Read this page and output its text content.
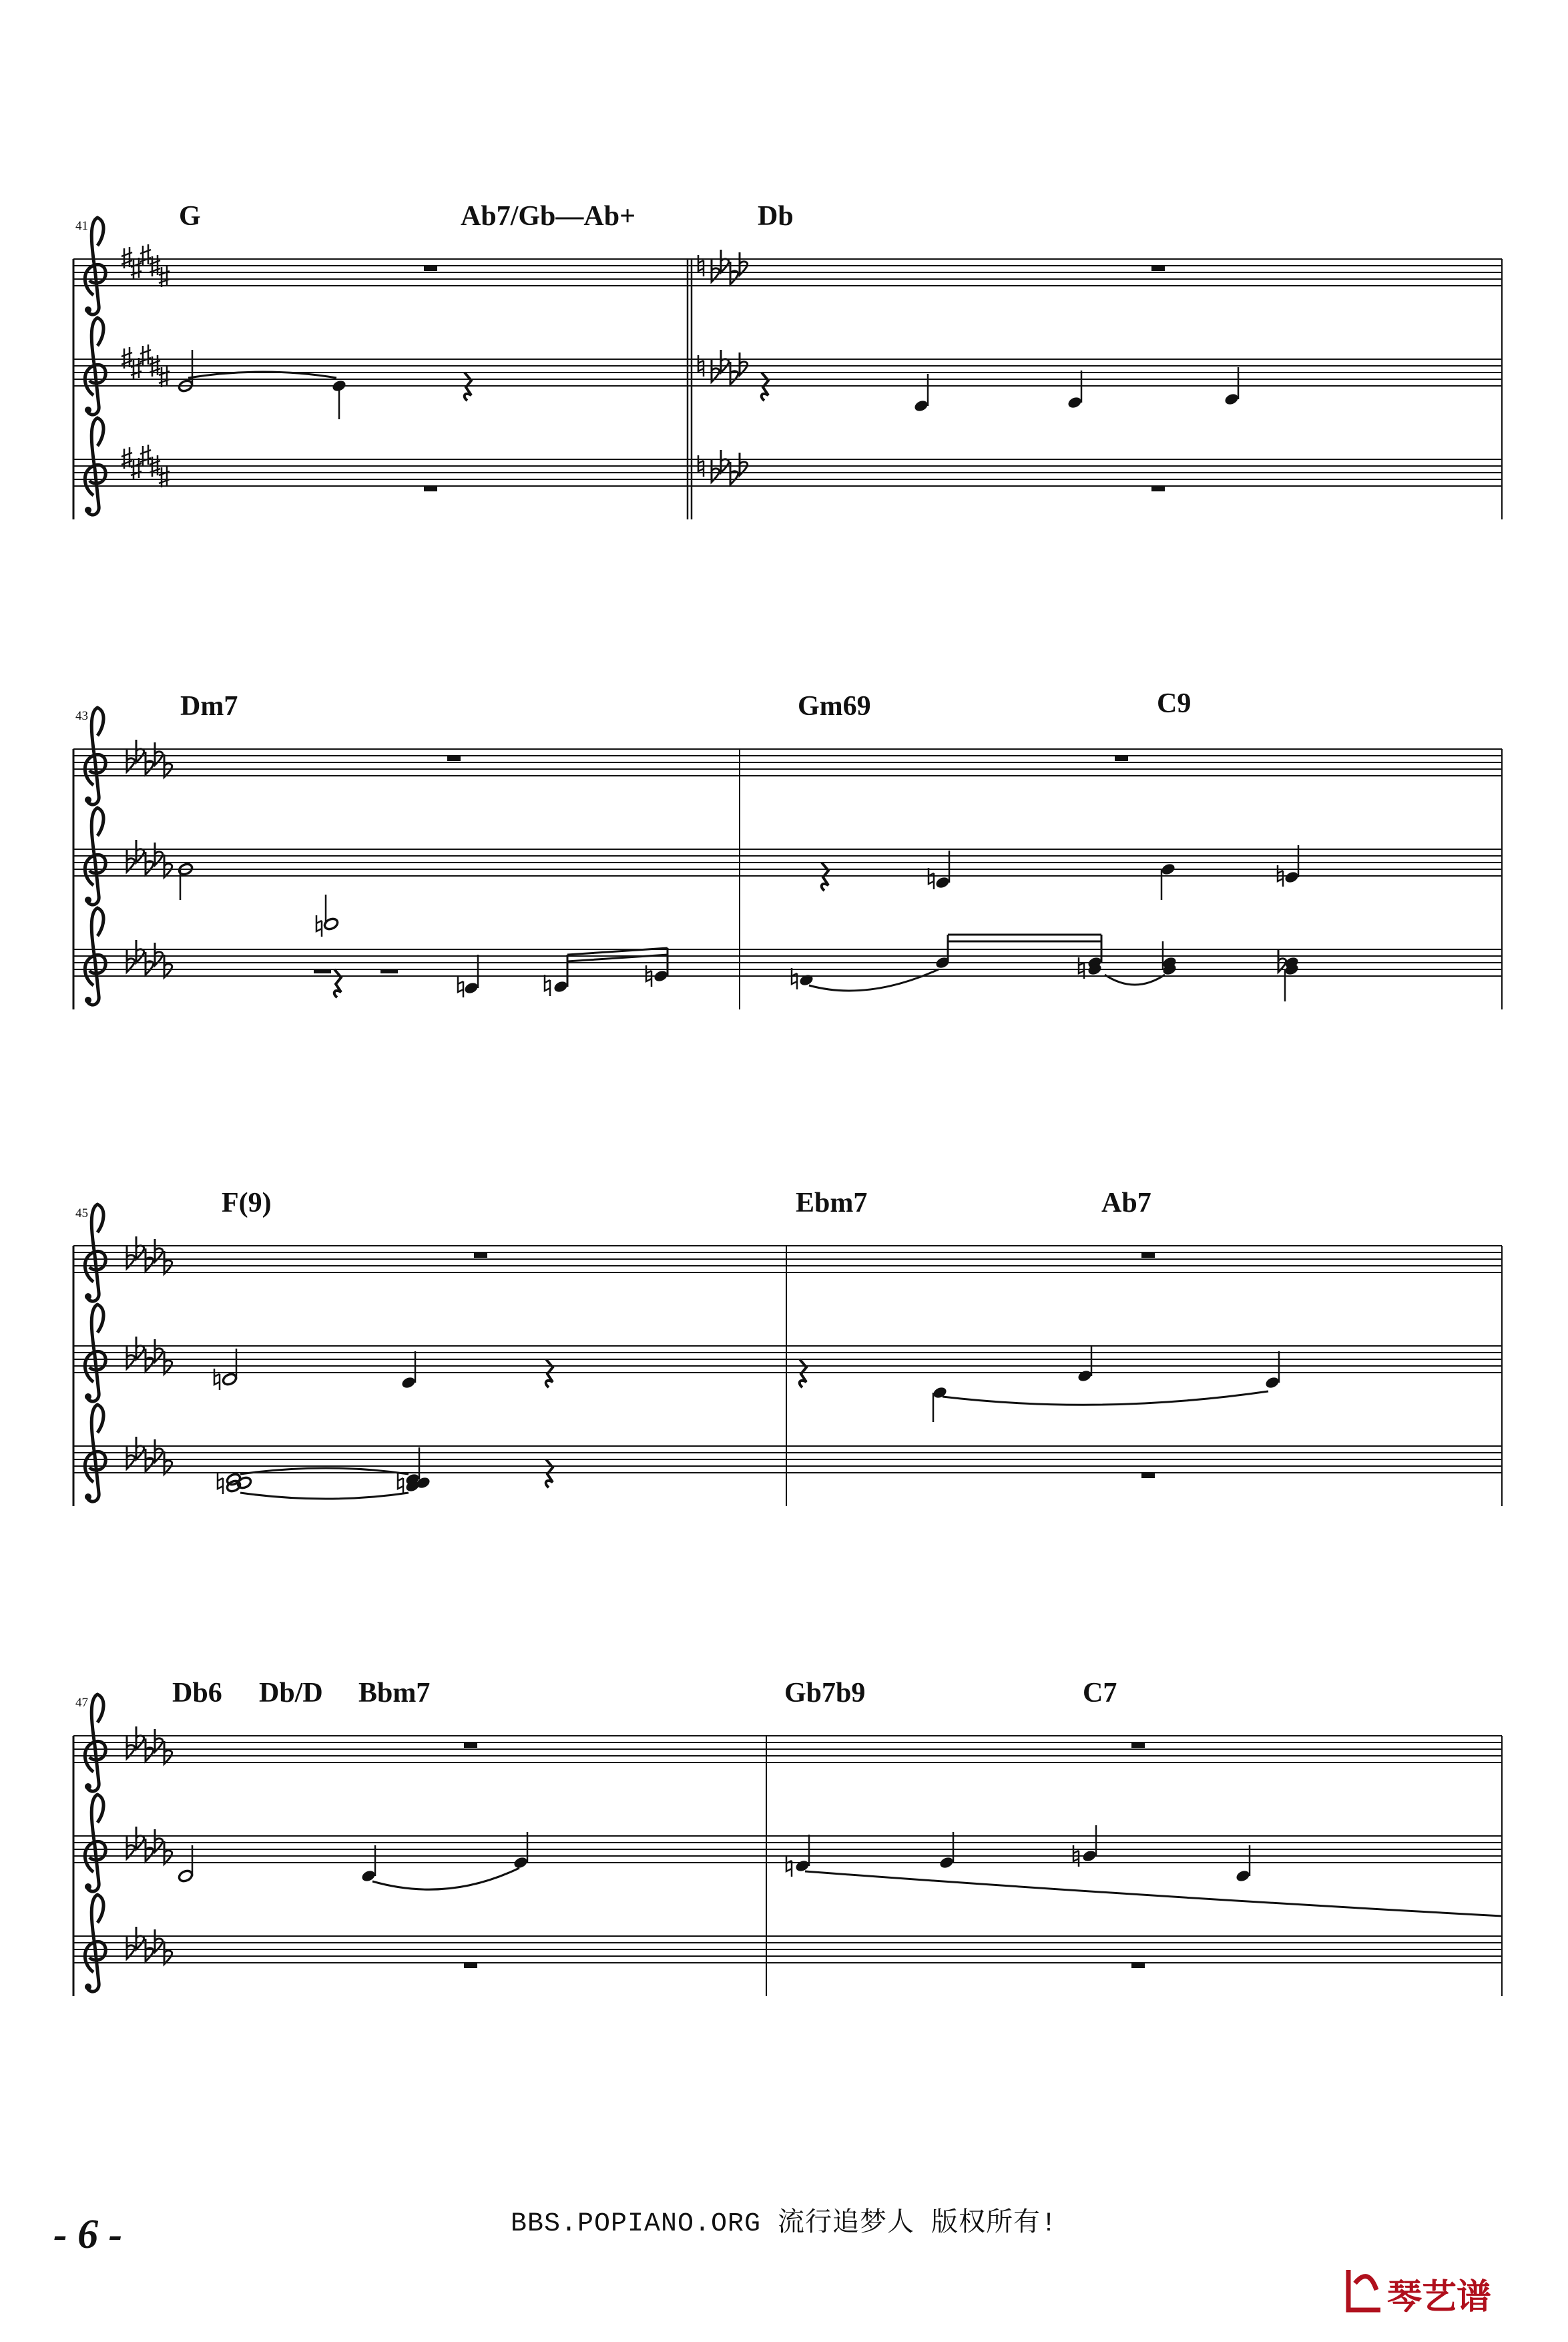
41	G	Ab7/Gb—Ab+	Db
43	Dm7	Gm69	C9
45	F(9)	Ebm7	Ab7
47	Db6 Db/D Bbm7	Gb7b9	C7
BBS.POPIANO.ORG 流行追梦人 版权所有!
- 6 -
琴艺谱
